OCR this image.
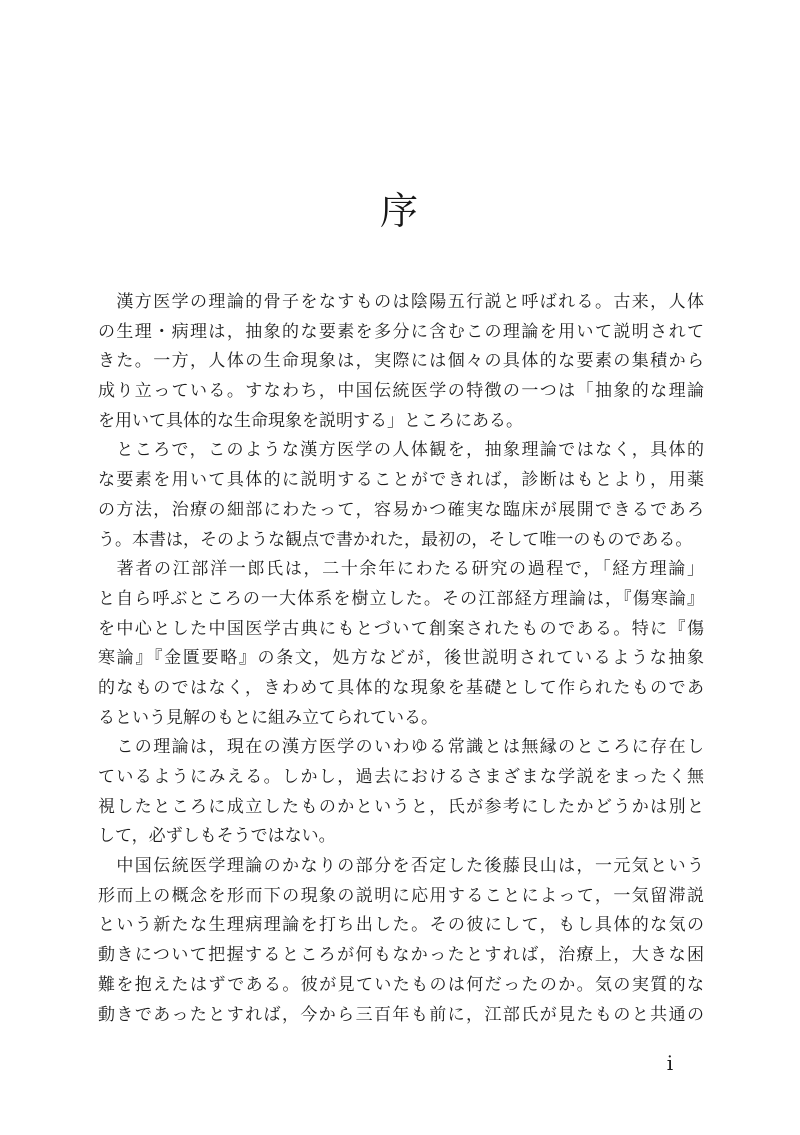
序
　漢方医学の理論的骨子をなすものは陰陽五行説と呼ばれる。古来，人体
の生理・病理は，抽象的な要素を多分に含むこの理論を用いて説明されて
きた。一方，人体の生命現象は，実際には個々の具体的な要素の集積から
成り立っている。すなわち，中国伝統医学の特徴の一つは「抽象的な理論
を用いて具体的な生命現象を説明する」ところにある。
　ところで，このような漢方医学の人体観を，抽象理論ではなく，具体的
な要素を用いて具体的に説明することができれば，診断はもとより，用薬
の方法，治療の細部にわたって，容易かつ確実な臨床が展開できるであろ
う。本書は，そのような観点で書かれた，最初の，そして唯一のものである。
　著者の江部洋一郎氏は，二十余年にわたる研究の過程で，「経方理論」
と自ら呼ぶところの一大体系を樹立した。その江部経方理論は，『傷寒論』
を中心とした中国医学古典にもとづいて創案されたものである。特に『傷
寒論』『金匱要略』の条文，処方などが，後世説明されているような抽象
的なものではなく，きわめて具体的な現象を基礎として作られたものであ
るという見解のもとに組み立てられている。
　この理論は，現在の漢方医学のいわゆる常識とは無縁のところに存在し
ているようにみえる。しかし，過去におけるさまざまな学説をまったく無
視したところに成立したものかというと，氏が参考にしたかどうかは別と
して，必ずしもそうではない。
　中国伝統医学理論のかなりの部分を否定した後藤艮山は，一元気という
形而上の概念を形而下の現象の説明に応用することによって，一気留滞説
という新たな生理病理論を打ち出した。その彼にして，もし具体的な気の
動きについて把握するところが何もなかったとすれば，治療上，大きな困
難を抱えたはずである。彼が見ていたものは何だったのか。気の実質的な
動きであったとすれば，今から三百年も前に，江部氏が見たものと共通の
i
